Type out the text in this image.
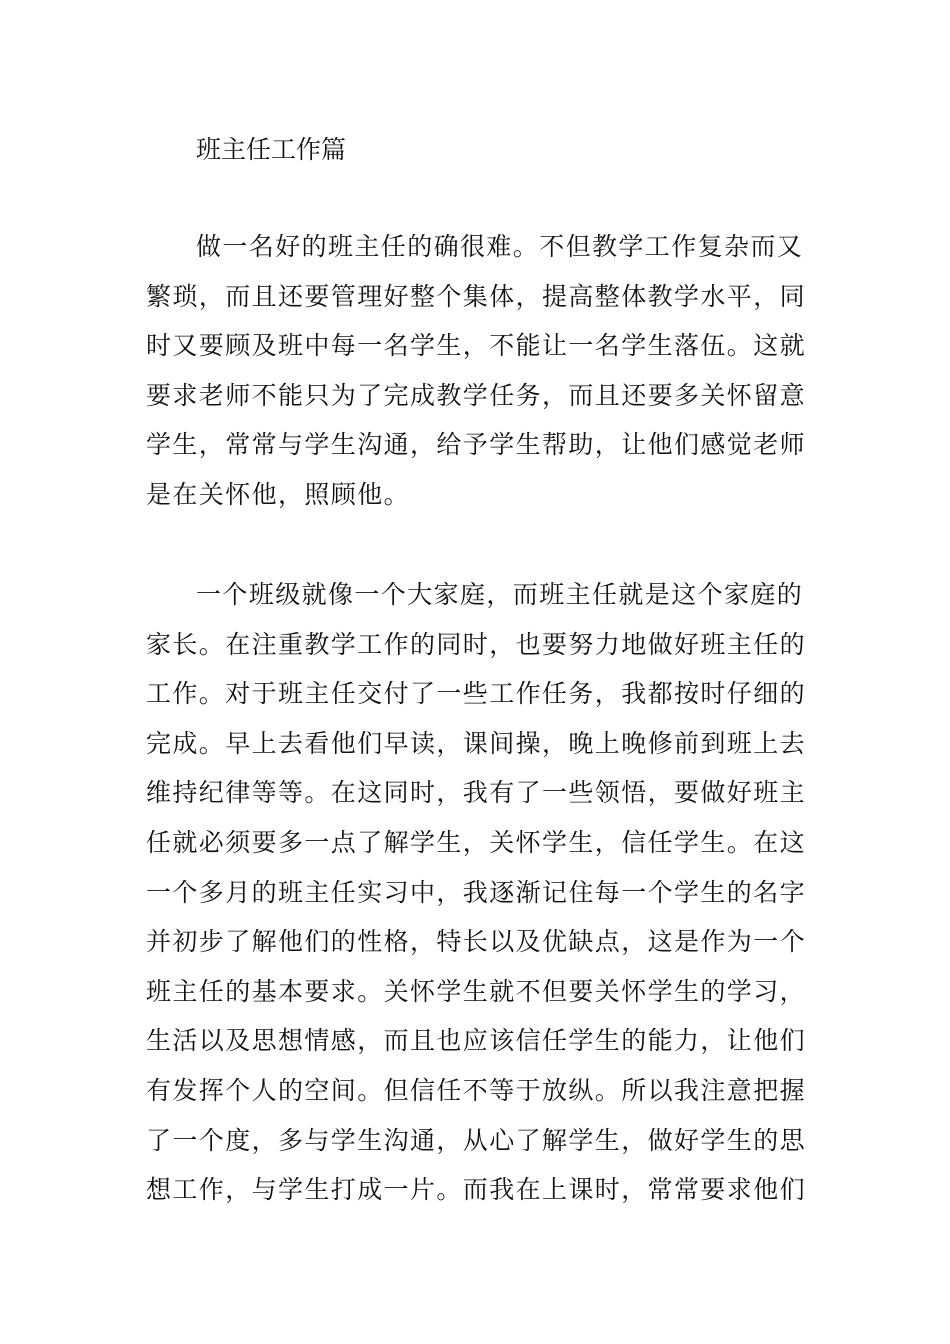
班主任工作篇
做一名好的班主任的确很难。不但教学工作复杂而又
繁琐，而且还要管理好整个集体，提高整体教学水平，同
时又要顾及班中每一名学生，不能让一名学生落伍。这就
要求老师不能只为了完成教学任务，而且还要多关怀留意
学生，常常与学生沟通，给予学生帮助，让他们感觉老师
是在关怀他，照顾他。
一个班级就像一个大家庭，而班主任就是这个家庭的
家长。在注重教学工作的同时，也要努力地做好班主任的
工作。对于班主任交付了一些工作任务，我都按时仔细的
完成。早上去看他们早读，课间操，晚上晚修前到班上去
维持纪律等等。在这同时，我有了一些领悟，要做好班主
任就必须要多一点了解学生，关怀学生，信任学生。在这
一个多月的班主任实习中，我逐渐记住每一个学生的名字
并初步了解他们的性格，特长以及优缺点，这是作为一个
班主任的基本要求。关怀学生就不但要关怀学生的学习，
生活以及思想情感，而且也应该信任学生的能力，让他们
有发挥个人的空间。但信任不等于放纵。所以我注意把握
了一个度，多与学生沟通，从心了解学生，做好学生的思
想工作，与学生打成一片。而我在上课时，常常要求他们
